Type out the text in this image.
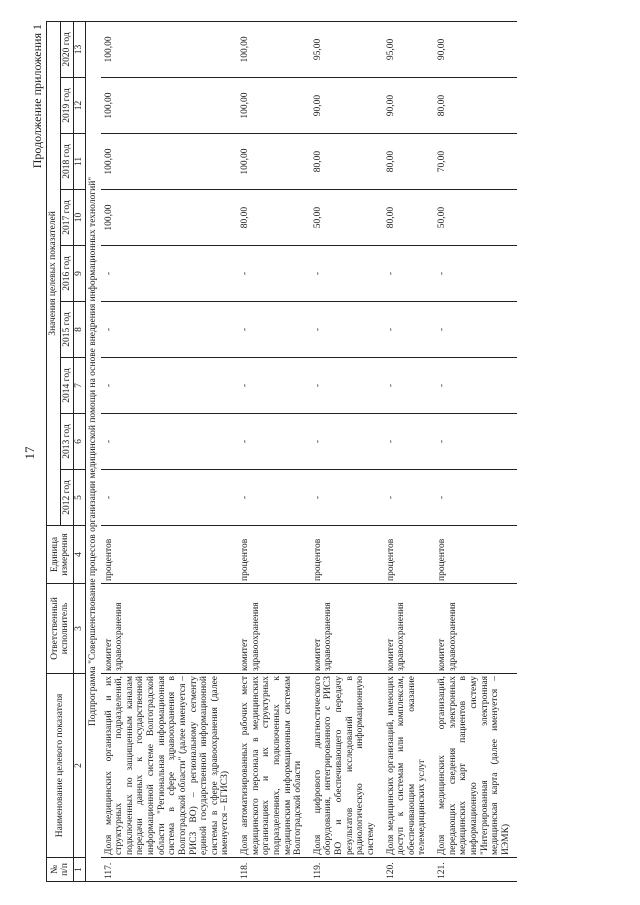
17
Продолжение приложения 1
№ п/п	Наименование целевого показателя	Ответственный исполнитель	Единица измерения	Значения целевых показателей								
				2012 год	2013 год	2014 год	2015 год	2016 год	2017 год	2018 год	2019 год	2020 год
1	2	3	4	5	6	7	8	9	10	11	12	13
Подпрограмма "Совершенствование процессов организации медицинской помощи на основе внедрения информационных технологий"												
117.	Доля медицинских организаций и их структурных подразделений, подключенных по защищенным каналам передачи данных к государственной информационной системе Волгоградской области "Региональная информационная система в сфере здравоохранения в Волгоградской области" (далее именуется – РИСЗ ВО) – региональному сегменту единой государственной информационной системы в сфере здравоохранения (далее именуется – ЕГИСЗ)	комитет здравоохранения	процентов	-	-	-	-	-	100,00	100,00	100,00	100,00
118.	Доля автоматизированных рабочих мест медицинского персонала в медицинских организациях и их структурных подразделениях, подключенных к медицинским информационным системам Волгоградской области	комитет здравоохранения	процентов	-	-	-	-	-	80,00	100,00	100,00	100,00
119.	Доля цифрового диагностического оборудования, интегрированного с РИСЗ ВО и обеспечивающего передачу результатов исследований в радиологическую информационную систему	комитет здравоохранения	процентов	-	-	-	-	-	50,00	80,00	90,00	95,00
120.	Доля медицинских организаций, имеющих доступ к системам или комплексам, обеспечивающим оказание телемедицинских услуг	комитет здравоохранения	процентов	-	-	-	-	-	80,00	80,00	90,00	95,00
121.	Доля медицинских организаций, передающих сведения электронных медицинских карт пациентов в информационную систему "Интегрированная электронная медицинская карта (далее именуется – ИЭМК)	комитет здравоохранения	процентов	-	-	-	-	-	50,00	70,00	80,00	90,00
